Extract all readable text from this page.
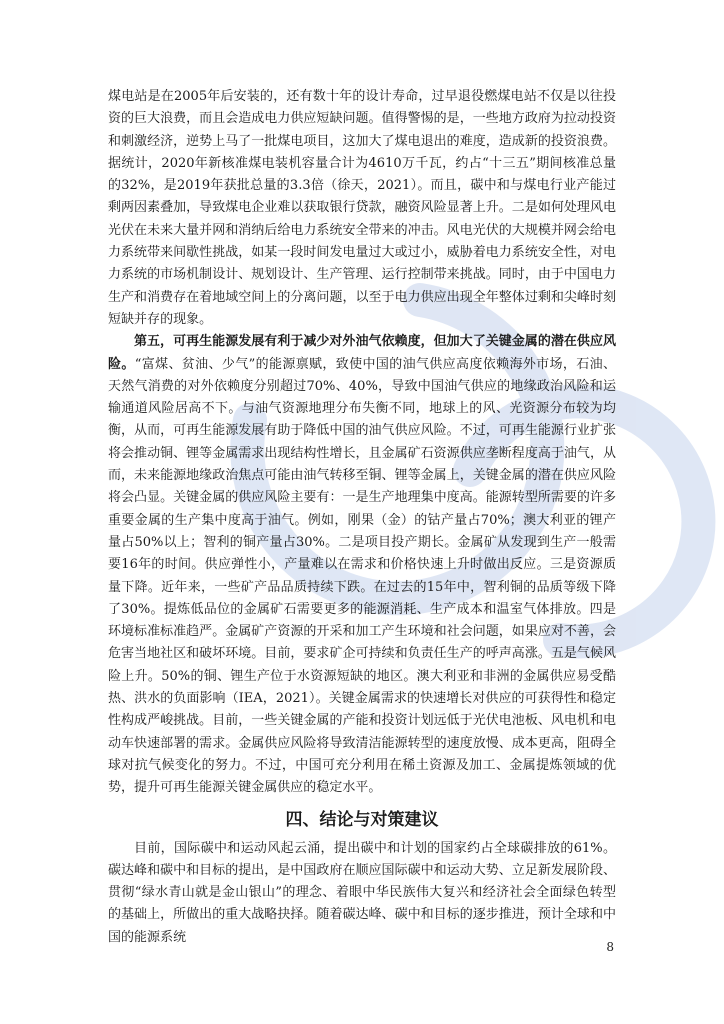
煤电站是在2005年后安装的，还有数十年的设计寿命，过早退役燃煤电站不仅是以往投资的巨大浪费，而且会造成电力供应短缺问题。值得警惕的是，一些地方政府为拉动投资和刺激经济，逆势上马了一批煤电项目，这加大了煤电退出的难度，造成新的投资浪费。据统计，2020年新核准煤电装机容量合计为4610万千瓦，约占“十三五”期间核准总量的32%，是2019年获批总量的3.3倍（徐天，2021）。而且，碳中和与煤电行业产能过剩两因素叠加，导致煤电企业难以获取银行贷款，融资风险显著上升。二是如何处理风电光伏在未来大量并网和消纳后给电力系统安全带来的冲击。风电光伏的大规模并网会给电力系统带来间歇性挑战，如某一段时间发电量过大或过小，威胁着电力系统安全性，对电力系统的市场机制设计、规划设计、生产管理、运行控制带来挑战。同时，由于中国电力生产和消费存在着地域空间上的分离问题，以至于电力供应出现全年整体过剩和尖峰时刻短缺并存的现象。

第五，可再生能源发展有利于减少对外油气依赖度，但加大了关键金属的潜在供应风险。“富煤、贫油、少气”的能源禀赋，致使中国的油气供应高度依赖海外市场，石油、天然气消费的对外依赖度分别超过70%、40%，导致中国油气供应的地缘政治风险和运输通道风险居高不下。与油气资源地理分布失衡不同，地球上的风、光资源分布较为均衡，从而，可再生能源发展有助于降低中国的油气供应风险。不过，可再生能源行业扩张将会推动铜、锂等金属需求出现结构性增长，且金属矿石资源供应垄断程度高于油气，从而，未来能源地缘政治焦点可能由油气转移至铜、锂等金属上，关键金属的潜在供应风险将会凸显。关键金属的供应风险主要有：一是生产地理集中度高。能源转型所需要的许多重要金属的生产集中度高于油气。例如，刚果（金）的钴产量占70%；澳大利亚的锂产量占50%以上；智利的铜产量占30%。二是项目投产期长。金属矿从发现到生产一般需要16年的时间。供应弹性小，产量难以在需求和价格快速上升时做出反应。三是资源质量下降。近年来，一些矿产品品质持续下跌。在过去的15年中，智利铜的品质等级下降了30%。提炼低品位的金属矿石需要更多的能源消耗、生产成本和温室气体排放。四是环境标准标准趋严。金属矿产资源的开采和加工产生环境和社会问题，如果应对不善，会危害当地社区和破坏环境。目前，要求矿企可持续和负责任生产的呼声高涨。五是气候风险上升。50%的铜、锂生产位于水资源短缺的地区。澳大利亚和非洲的金属供应易受酷热、洪水的负面影响（IEA，2021）。关键金属需求的快速增长对供应的可获得性和稳定性构成严峻挑战。目前，一些关键金属的产能和投资计划远低于光伏电池板、风电机和电动车快速部署的需求。金属供应风险将导致清洁能源转型的速度放慢、成本更高，阻碍全球对抗气候变化的努力。不过，中国可充分利用在稀土资源及加工、金属提炼领域的优势，提升可再生能源关键金属供应的稳定水平。

四、结论与对策建议

目前，国际碳中和运动风起云涌，提出碳中和计划的国家约占全球碳排放的61%。碳达峰和碳中和目标的提出，是中国政府在顺应国际碳中和运动大势、立足新发展阶段、贯彻“绿水青山就是金山银山”的理念、着眼中华民族伟大复兴和经济社会全面绿色转型的基础上，所做出的重大战略抉择。随着碳达峰、碳中和目标的逐步推进，预计全球和中国的能源系统

8
